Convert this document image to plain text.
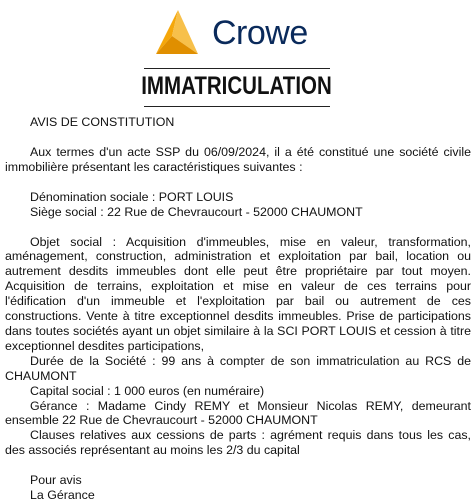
Crowe
IMMATRICULATION

AVIS DE CONSTITUTION

Aux termes d'un acte SSP du 06/09/2024, il a été constitué une société civile immobilière présentant les caractéristiques suivantes :

Dénomination sociale : PORT LOUIS

Siège social : 22 Rue de Chevraucourt - 52000 CHAUMONT

Objet social : Acquisition d'immeubles, mise en valeur, transformation, aménagement, construction, administration et exploitation par bail, location ou autrement desdits immeubles dont elle peut être propriétaire par tout moyen. Acquisition de terrains, exploitation et mise en valeur de ces terrains pour l'édification d'un immeuble et l'exploitation par bail ou autrement de ces constructions. Vente à titre exceptionnel desdits immeubles. Prise de participations dans toutes sociétés ayant un objet similaire à la SCI PORT LOUIS et cession à titre exceptionnel desdites participations,

Durée de la Société : 99 ans à compter de son immatriculation au RCS de CHAUMONT

Capital social : 1 000 euros (en numéraire)

Gérance : Madame Cindy REMY et Monsieur Nicolas REMY, demeurant ensemble 22 Rue de Chevraucourt - 52000 CHAUMONT

Clauses relatives aux cessions de parts : agrément requis dans tous les cas, des associés représentant au moins les 2/3 du capital

Pour avis

La Gérance
